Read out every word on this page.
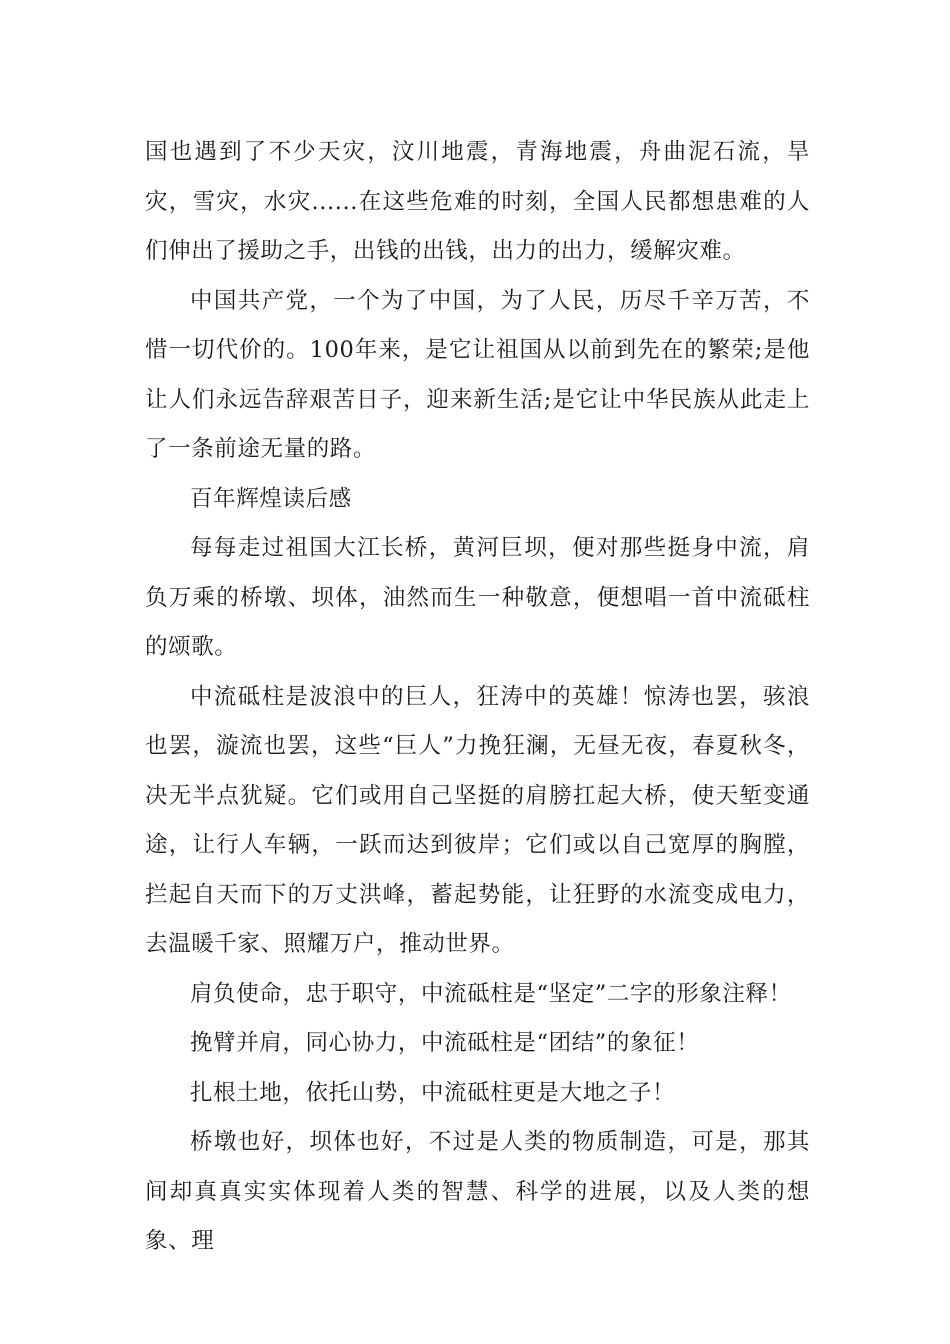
国也遇到了不少天灾，汶川地震，青海地震，舟曲泥石流，旱灾，雪灾，水灾......在这些危难的时刻，全国人民都想患难的人们伸出了援助之手，出钱的出钱，出力的出力，缓解灾难。

中国共产党，一个为了中国，为了人民，历尽千辛万苦，不惜一切代价的。100年来，是它让祖国从以前到先在的繁荣;是他让人们永远告辞艰苦日子，迎来新生活;是它让中华民族从此走上了一条前途无量的路。

百年辉煌读后感

每每走过祖国大江长桥，黄河巨坝，便对那些挺身中流，肩负万乘的桥墩、坝体，油然而生一种敬意，便想唱一首中流砥柱的颂歌。

中流砥柱是波浪中的巨人，狂涛中的英雄！惊涛也罢，骇浪也罢，漩流也罢，这些“巨人”力挽狂澜，无昼无夜，春夏秋冬，决无半点犹疑。它们或用自己坚挺的肩膀扛起大桥，使天堑变通途，让行人车辆，一跃而达到彼岸；它们或以自己宽厚的胸膛，拦起自天而下的万丈洪峰，蓄起势能，让狂野的水流变成电力，去温暖千家、照耀万户，推动世界。

肩负使命，忠于职守，中流砥柱是“坚定”二字的形象注释！

挽臂并肩，同心协力，中流砥柱是“团结”的象征！

扎根土地，依托山势，中流砥柱更是大地之子！

桥墩也好，坝体也好，不过是人类的物质制造，可是，那其间却真真实实体现着人类的智慧、科学的进展，以及人类的想象、理
